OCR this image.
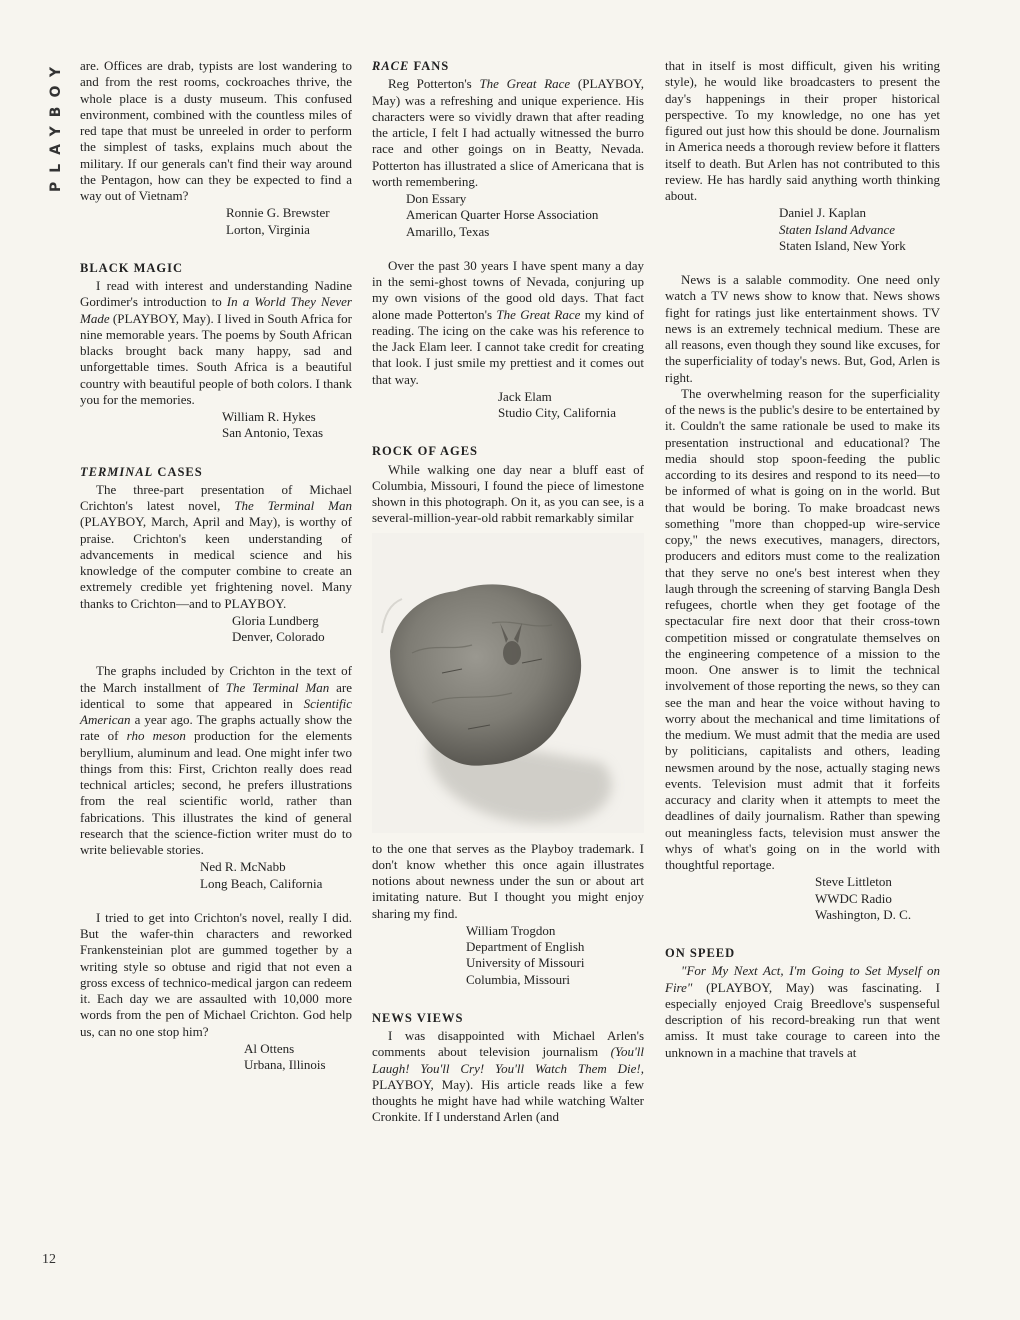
PLAYBOY
12

are. Offices are drab, typists are lost wandering to and from the rest rooms, cockroaches thrive, the whole place is a dusty museum. This confused environment, combined with the countless miles of red tape that must be unreeled in order to perform the simplest of tasks, explains much about the military. If our generals can't find their way around the Pentagon, how can they be expected to find a way out of Vietnam?

Ronnie G. Brewster
Lorton, Virginia
BLACK MAGIC

I read with interest and understanding Nadine Gordimer's introduction to In a World They Never Made (PLAYBOY, May). I lived in South Africa for nine memorable years. The poems by South African blacks brought back many happy, sad and unforgettable times. South Africa is a beautiful country with beautiful people of both colors. I thank you for the memories.

William R. Hykes
San Antonio, Texas
TERMINAL CASES

The three-part presentation of Michael Crichton's latest novel, The Terminal Man (PLAYBOY, March, April and May), is worthy of praise. Crichton's keen understanding of advancements in medical science and his knowledge of the computer combine to create an extremely credible yet frightening novel. Many thanks to Crichton—and to PLAYBOY.

Gloria Lundberg
Denver, Colorado

The graphs included by Crichton in the text of the March installment of The Terminal Man are identical to some that appeared in Scientific American a year ago. The graphs actually show the rate of rho meson production for the elements beryllium, aluminum and lead. One might infer two things from this: First, Crichton really does read technical articles; second, he prefers illustrations from the real scientific world, rather than fabrications. This illustrates the kind of general research that the science-fiction writer must do to write believable stories.

Ned R. McNabb
Long Beach, California

I tried to get into Crichton's novel, really I did. But the wafer-thin characters and reworked Frankensteinian plot are gummed together by a writing style so obtuse and rigid that not even a gross excess of technico-medical jargon can redeem it. Each day we are assaulted with 10,000 more words from the pen of Michael Crichton. God help us, can no one stop him?

Al Ottens
Urbana, Illinois
RACE FANS

Reg Potterton's The Great Race (PLAYBOY, May) was a refreshing and unique experience. His characters were so vividly drawn that after reading the article, I felt I had actually witnessed the burro race and other goings on in Beatty, Nevada. Potterton has illustrated a slice of Americana that is worth remembering.

Don Essary
American Quarter Horse Association
Amarillo, Texas

Over the past 30 years I have spent many a day in the semi-ghost towns of Nevada, conjuring up my own visions of the good old days. That fact alone made Potterton's The Great Race my kind of reading. The icing on the cake was his reference to the Jack Elam leer. I cannot take credit for creating that look. I just smile my prettiest and it comes out that way.

Jack Elam
Studio City, California
ROCK OF AGES

While walking one day near a bluff east of Columbia, Missouri, I found the piece of limestone shown in this photograph. On it, as you can see, is a several-million-year-old rabbit remarkably similar

to the one that serves as the Playboy trademark. I don't know whether this once again illustrates notions about newness under the sun or about art imitating nature. But I thought you might enjoy sharing my find.

William Trogdon
Department of English
University of Missouri
Columbia, Missouri
NEWS VIEWS

I was disappointed with Michael Arlen's comments about television journalism (You'll Laugh! You'll Cry! You'll Watch Them Die!, PLAYBOY, May). His article reads like a few thoughts he might have had while watching Walter Cronkite. If I understand Arlen (and

that in itself is most difficult, given his writing style), he would like broadcasters to present the day's happenings in their proper historical perspective. To my knowledge, no one has yet figured out just how this should be done. Journalism in America needs a thorough review before it flatters itself to death. But Arlen has not contributed to this review. He has hardly said anything worth thinking about.

Daniel J. Kaplan
Staten Island Advance
Staten Island, New York

News is a salable commodity. One need only watch a TV news show to know that. News shows fight for ratings just like entertainment shows. TV news is an extremely technical medium. These are all reasons, even though they sound like excuses, for the superficiality of today's news. But, God, Arlen is right.

The overwhelming reason for the superficiality of the news is the public's desire to be entertained by it. Couldn't the same rationale be used to make its presentation instructional and educational? The media should stop spoon-feeding the public according to its desires and respond to its need—to be informed of what is going on in the world. But that would be boring. To make broadcast news something "more than chopped-up wire-service copy," the news executives, managers, directors, producers and editors must come to the realization that they serve no one's best interest when they laugh through the screening of starving Bangla Desh refugees, chortle when they get footage of the spectacular fire next door that their cross-town competition missed or congratulate themselves on the engineering competence of a mission to the moon. One answer is to limit the technical involvement of those reporting the news, so they can see the man and hear the voice without having to worry about the mechanical and time limitations of the medium. We must admit that the media are used by politicians, capitalists and others, leading newsmen around by the nose, actually staging news events. Television must admit that it forfeits accuracy and clarity when it attempts to meet the deadlines of daily journalism. Rather than spewing out meaningless facts, television must answer the whys of what's going on in the world with thoughtful reportage.

Steve Littleton
WWDC Radio
Washington, D. C.
ON SPEED

"For My Next Act, I'm Going to Set Myself on Fire" (PLAYBOY, May) was fascinating. I especially enjoyed Craig Breedlove's suspenseful description of his record-breaking run that went amiss. It must take courage to careen into the unknown in a machine that travels at
